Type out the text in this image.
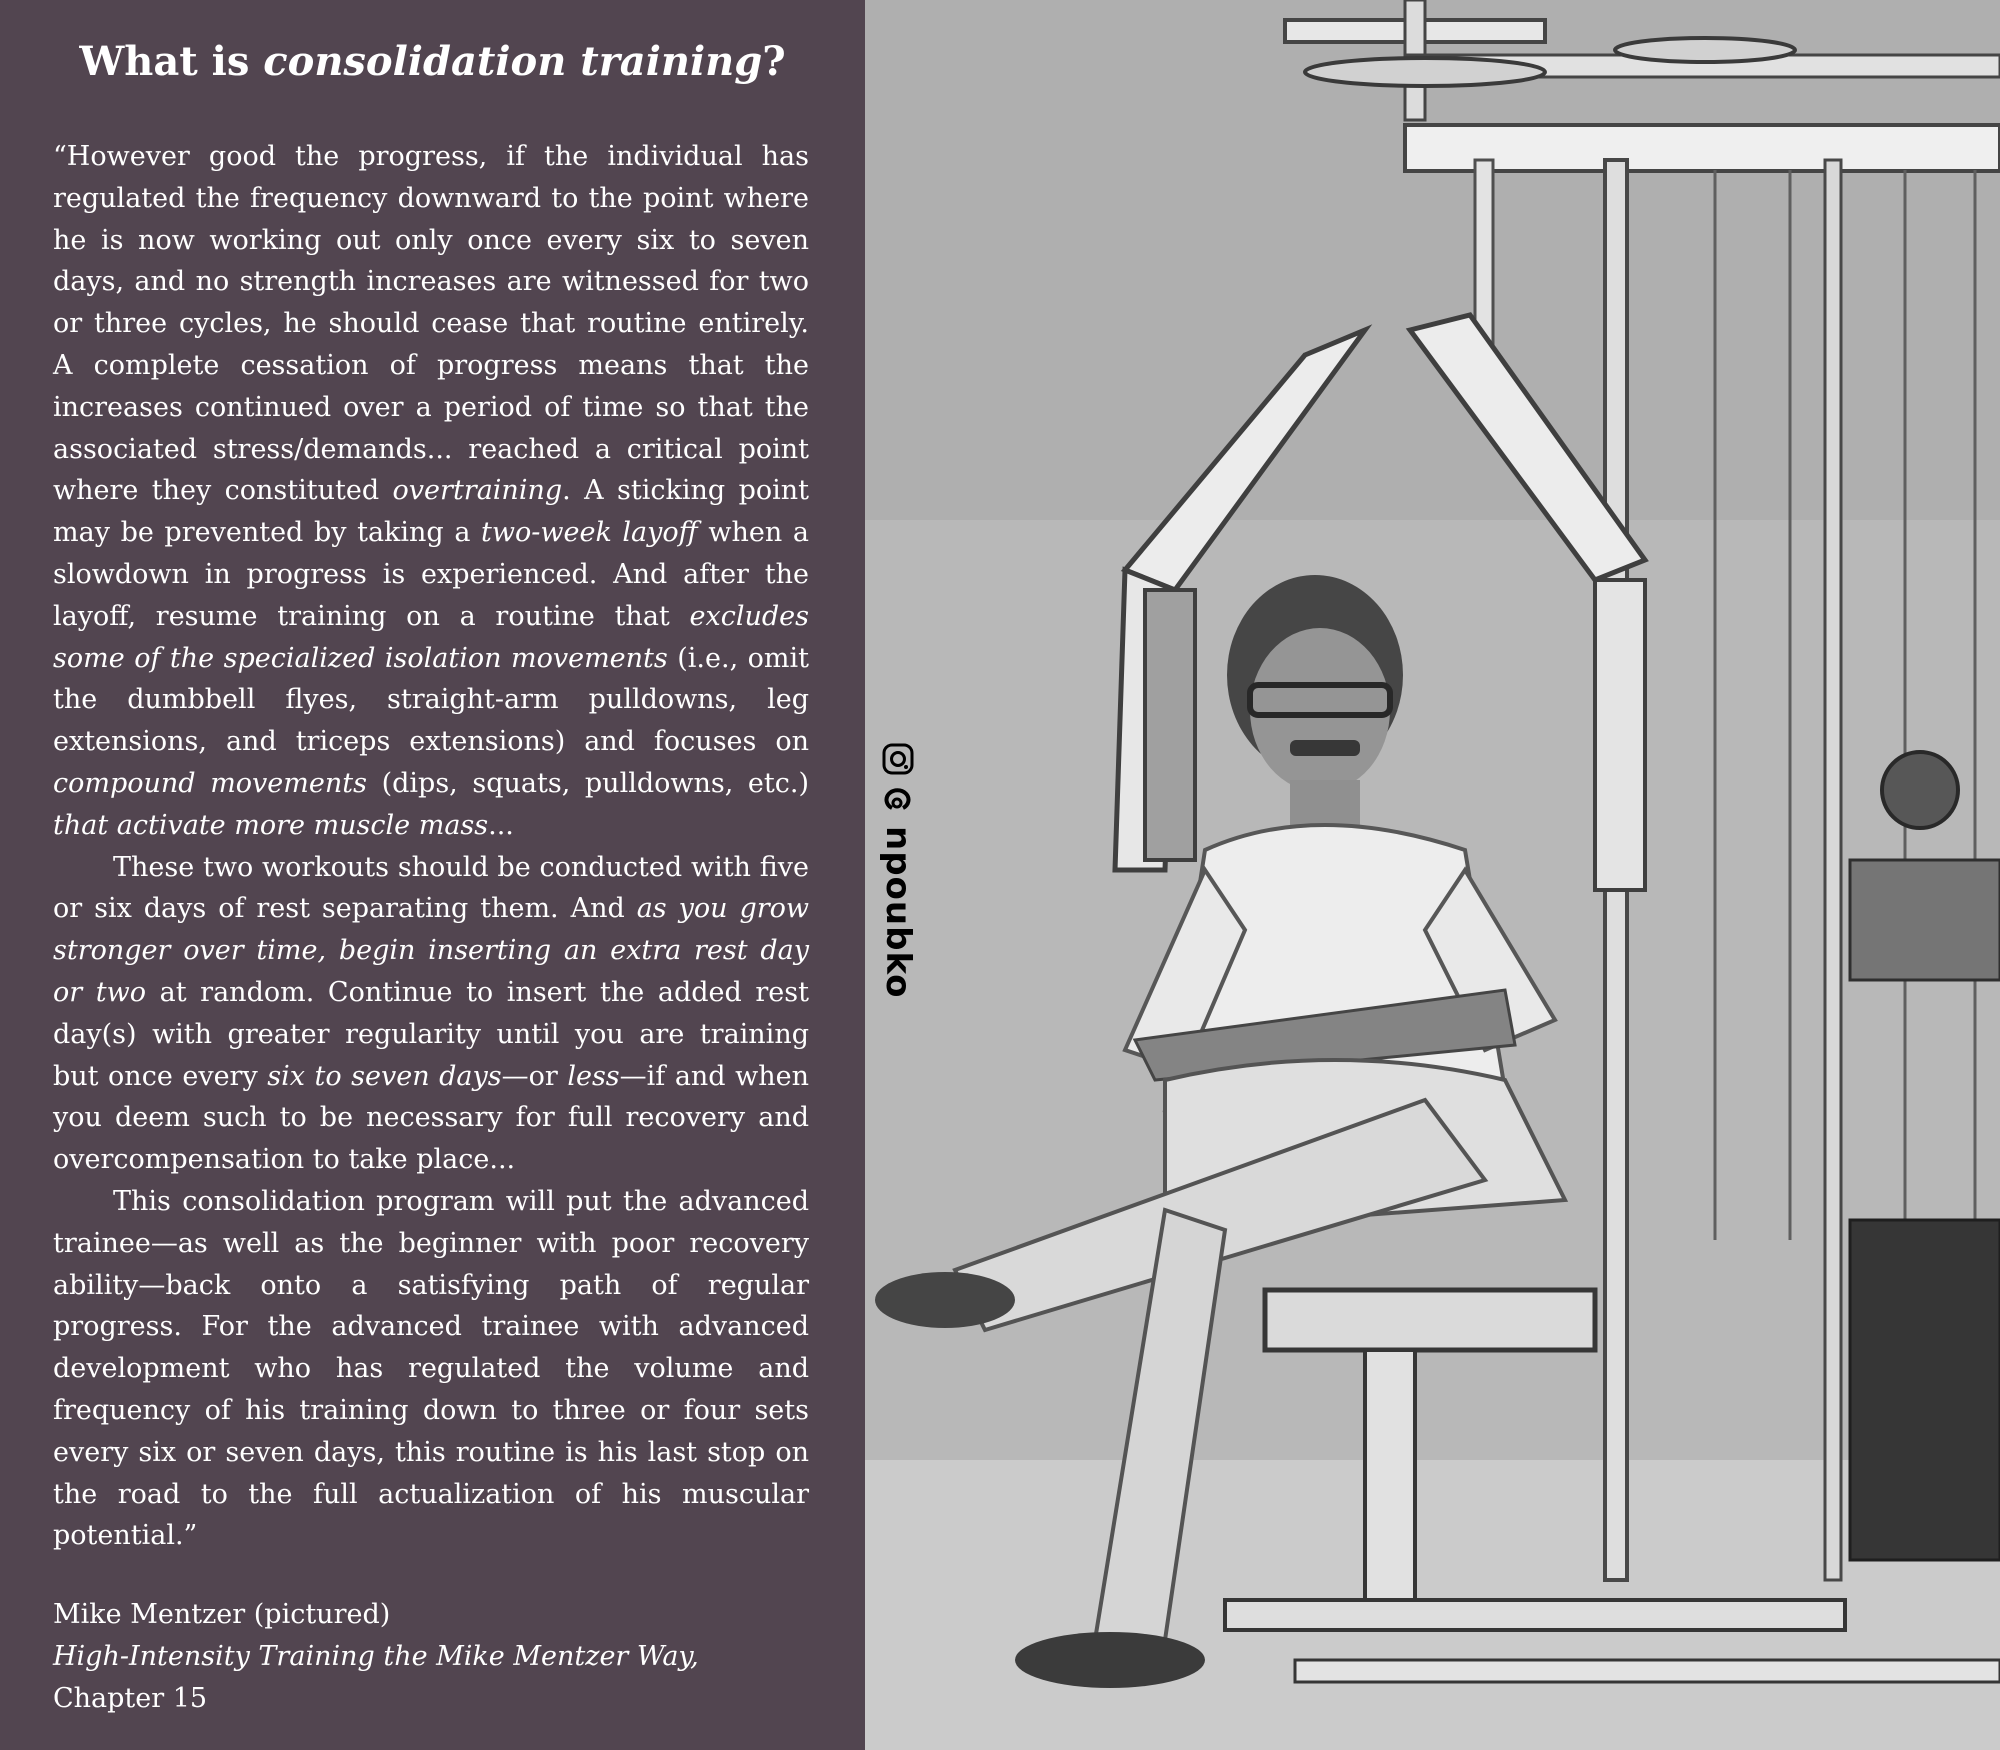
What is consolidation training?

“However good the progress, if the individual has regulated the frequency downward to the point where he is now working out only once every six to seven days, and no strength increases are witnessed for two or three cycles, he should cease that routine entirely. A complete cessation of progress means that the increases continued over a period of time so that the associated stress/demands... reached a critical point where they constituted overtraining. A sticking point may be prevented by taking a two-week layoff when a slowdown in progress is experienced. And after the layoff, resume training on a routine that excludes some of the specialized isolation movements (i.e., omit the dumbbell flyes, straight-arm pulldowns, leg extensions, and triceps extensions) and focuses on compound movements (dips, squats, pulldowns, etc.) that activate more muscle mass...

These two workouts should be conducted with five or six days of rest separating them. And as you grow stronger over time, begin inserting an extra rest day or two at random. Continue to insert the added rest day(s) with greater regularity until you are training but once every six to seven days—or less—if and when you deem such to be necessary for full recovery and overcompensation to take place...

This consolidation program will put the advanced trainee—as well as the beginner with poor recovery ability—back onto a satisfying path of regular progress. For the advanced trainee with advanced development who has regulated the volume and frequency of his training down to three or four sets every six or seven days, this routine is his last stop on the road to the full actualization of his muscular potential.”

Mike Mentzer (pictured)

High-Intensity Training the Mike Mentzer Way,

Chapter 15

npoubko
